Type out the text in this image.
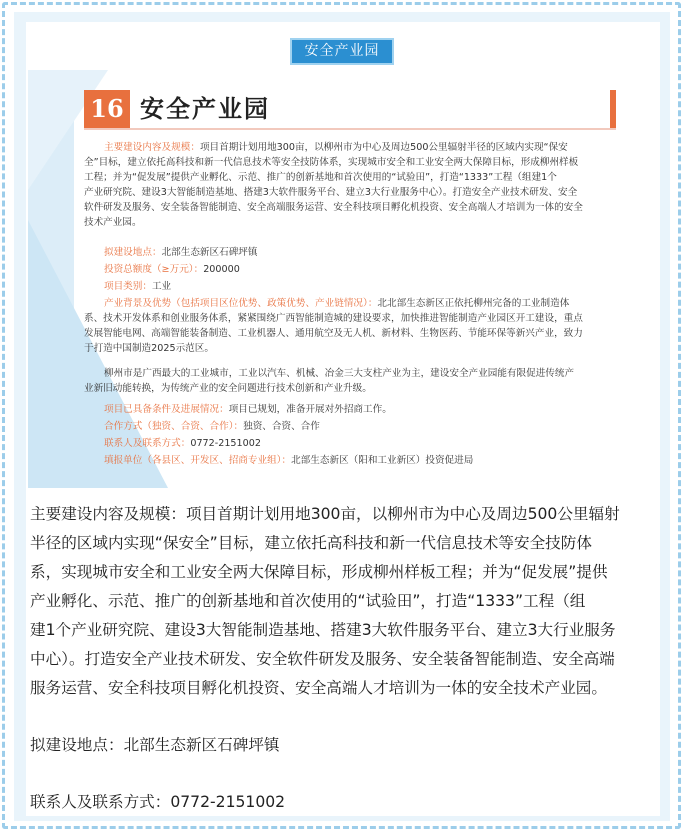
安全产业园
16 安全产业园
主要建设内容及规模：项目首期计划用地300亩，以柳州市为中心及周边500公里辐射半径的区域内实现“保安
全”目标，建立依托高科技和新一代信息技术等安全技防体系，实现城市安全和工业安全两大保障目标，形成柳州样板
工程；并为“促发展”提供产业孵化、示范、推广的创新基地和首次使用的“试验田”，打造“1333”工程（组建1个
产业研究院、建设3大智能制造基地、搭建3大软件服务平台、建立3大行业服务中心）。打造安全产业技术研发、安全
软件研发及服务、安全装备智能制造、安全高端服务运营、安全科技项目孵化机投资、安全高端人才培训为一体的安全
技术产业园。
拟建设地点：北部生态新区石碑坪镇
投资总额度（≥万元）：200000
项目类别：工业
产业背景及优势（包括项目区位优势、政策优势、产业链情况）：北北部生态新区正依托柳州完备的工业制造体
系、技术开发体系和创业服务体系，紧紧围绕广西智能制造城的建设要求，加快推进智能制造产业园区开工建设，重点
发展智能电网、高端智能装备制造、工业机器人、通用航空及无人机、新材料、生物医药、节能环保等新兴产业，致力
于打造中国制造2025示范区。
柳州市是广西最大的工业城市，工业以汽车、机械、冶金三大支柱产业为主，建设安全产业园能有限促进传统产
业新旧动能转换，为传统产业的安全问题进行技术创新和产业升级。
项目已具备条件及进展情况：项目已规划，准备开展对外招商工作。
合作方式（独资、合资、合作）：独资、合资、合作
联系人及联系方式：0772-2151002
填报单位（各县区、开发区、招商专业组）：北部生态新区（阳和工业新区）投资促进局
主要建设内容及规模：项目首期计划用地300亩，以柳州市为中心及周边500公里辐射
半径的区域内实现“保安全”目标，建立依托高科技和新一代信息技术等安全技防体
系，实现城市安全和工业安全两大保障目标，形成柳州样板工程；并为“促发展”提供
产业孵化、示范、推广的创新基地和首次使用的“试验田”，打造“1333”工程（组
建1个产业研究院、建设3大智能制造基地、搭建3大软件服务平台、建立3大行业服务
中心）。打造安全产业技术研发、安全软件研发及服务、安全装备智能制造、安全高端
服务运营、安全科技项目孵化机投资、安全高端人才培训为一体的安全技术产业园。
拟建设地点：北部生态新区石碑坪镇
联系人及联系方式：0772-2151002
